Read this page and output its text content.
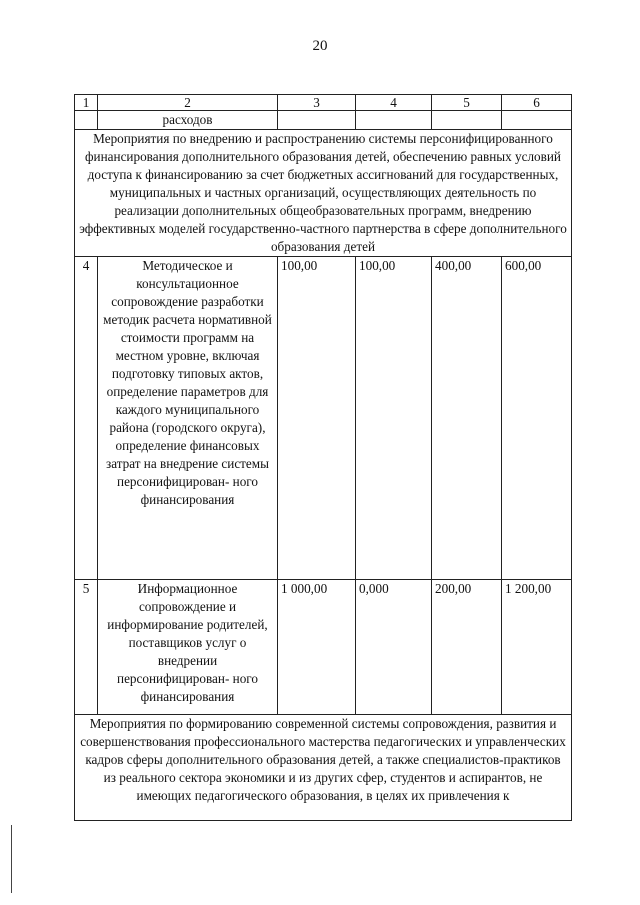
20
1	2	3	4	5	6
	расходов				
Мероприятия по внедрению и распространению системы персонифицированного финансирования дополнительного образования детей, обеспечению равных условий доступа к финансированию за счет бюджетных ассигнований для государственных, муниципальных и частных организаций, осуществляющих деятельность по реализации дополнительных общеобразовательных программ, внедрению эффективных моделей государственно-частного партнерства в сфере дополнительного образования детей					
4	Методическое и консультационное сопровождение разработки методик расчета нормативной стоимости программ на местном уровне, включая подготовку типовых актов, определение параметров для каждого муниципального района (городского округа), определение финансовых затрат на внедрение системы персонифицирован- ного финансирования	100,00	100,00	400,00	600,00
5	Информационное сопровождение и информирование родителей, поставщиков услуг о внедрении персонифицирован- ного финансирования	1 000,00	0,000	200,00	1 200,00

Мероприятия по формированию современной системы сопровождения, развития и совершенствования профессионального мастерства педагогических и управленческих кадров сферы дополнительного образования детей, а также специалистов-практиков из реального сектора экономики и из других сфер, студентов и аспирантов, не имеющих педагогического образования, в целях их привлечения к					
